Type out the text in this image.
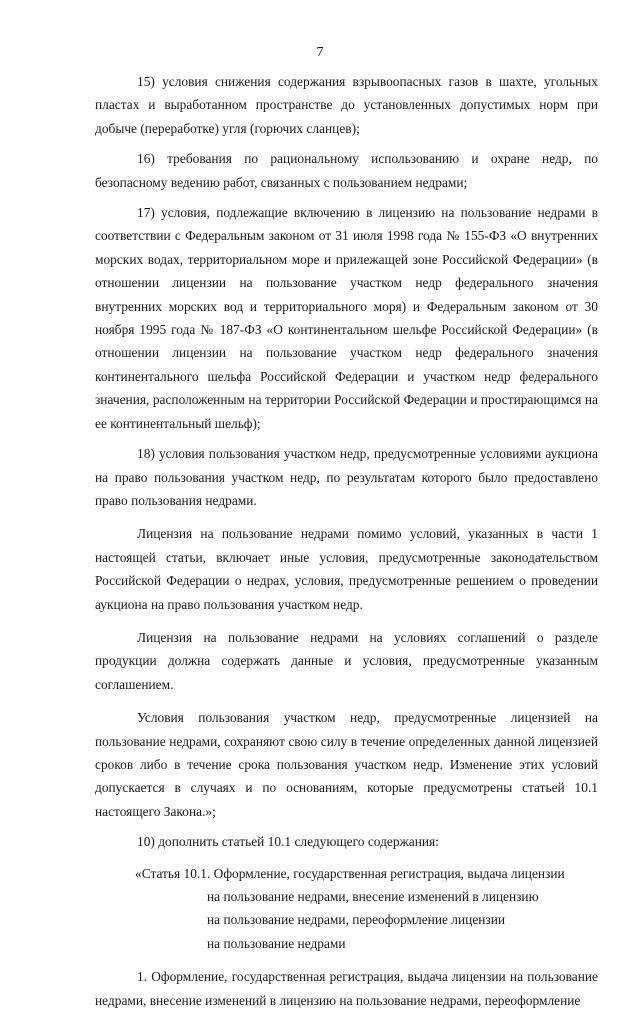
7

15) условия снижения содержания взрывоопасных газов в шахте, угольных пластах и выработанном пространстве до установленных допустимых норм при добыче (переработке) угля (горючих сланцев);

16) требования по рациональному использованию и охране недр, по безопасному ведению работ, связанных с пользованием недрами;

17) условия, подлежащие включению в лицензию на пользование недрами в соответствии с Федеральным законом от 31 июля 1998 года № 155-ФЗ «О внутренних морских водах, территориальном море и прилежащей зоне Российской Федерации» (в отношении лицензии на пользование участком недр федерального значения внутренних морских вод и территориального моря) и Федеральным законом от 30 ноября 1995 года № 187-ФЗ «О континентальном шельфе Российской Федерации» (в отношении лицензии на пользование участком недр федерального значения континентального шельфа Российской Федерации и участком недр федерального значения, расположенным на территории Российской Федерации и простирающимся на ее континентальный шельф);

18) условия пользования участком недр, предусмотренные условиями аукциона на право пользования участком недр, по результатам которого было предоставлено право пользования недрами.

Лицензия на пользование недрами помимо условий, указанных в части 1 настоящей статьи, включает иные условия, предусмотренные законодательством Российской Федерации о недрах, условия, предусмотренные решением о проведении аукциона на право пользования участком недр.

Лицензия на пользование недрами на условиях соглашений о разделе продукции должна содержать данные и условия, предусмотренные указанным соглашением.

Условия пользования участком недр, предусмотренные лицензией на пользование недрами, сохраняют свою силу в течение определенных данной лицензией сроков либо в течение срока пользования участком недр. Изменение этих условий допускается в случаях и по основаниям, которые предусмотрены статьей 10.1 настоящего Закона.»;

10) дополнить статьей 10.1 следующего содержания:

«Статья 10.1. Оформление, государственная регистрация, выдача лицензии
на пользование недрами, внесение изменений в лицензию
на пользование недрами, переоформление лицензии
на пользование недрами

1. Оформление, государственная регистрация, выдача лицензии на пользование недрами, внесение изменений в лицензию на пользование недрами, переоформление
